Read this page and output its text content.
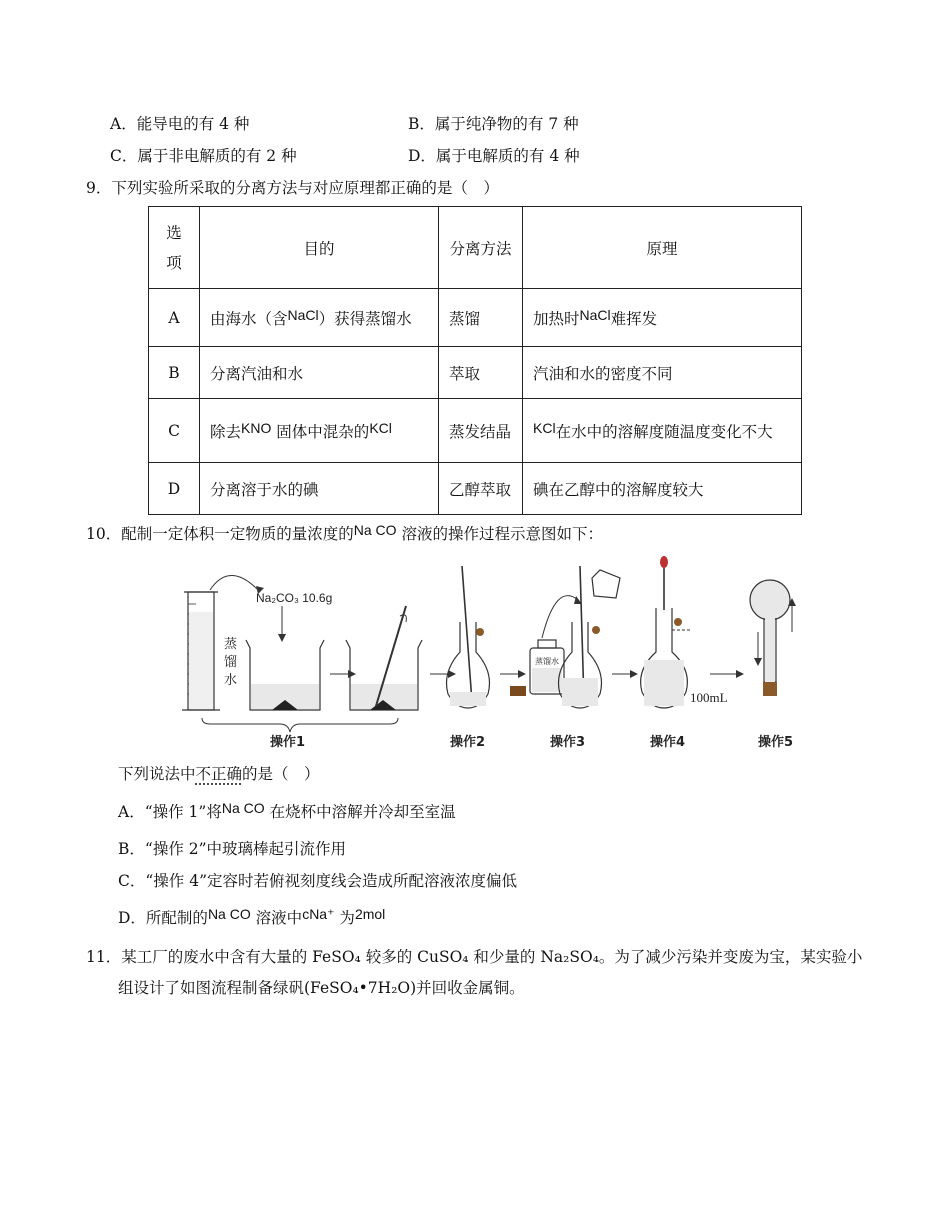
A．能导电的有 4 种	B．属于纯净物的有 7 种
C．属于非电解质的有 2 种	D．属于电解质的有 4 种
9．下列实验所采取的分离方法与对应原理都正确的是（　）
选
项	目的	分离方法	原理
A	由海水（含NaCl）获得蒸馏水	蒸馏	加热时NaCl难挥发
B	分离汽油和水	萃取	汽油和水的密度不同
C	除去KNO 固体中混杂的KCl	蒸发结晶	KCl在水中的溶解度随温度变化不大
D	分离溶于水的碘	乙醇萃取	碘在乙醇中的溶解度较大
10．配制一定体积一定物质的量浓度的Na CO 溶液的操作过程示意图如下：
蒸
馏
水
Na₂CO₃ 10.6g
蒸馏水
100mL
操作1	操作2	操作3	操作4	操作5
下列说法中不正确的是（　）
A．“操作 1”将Na CO 在烧杯中溶解并冷却至室温
B．“操作 2”中玻璃棒起引流作用
C．“操作 4”定容时若俯视刻度线会造成所配溶液浓度偏低
D．所配制的Na CO 溶液中cNa⁺ 为2mol
11．某工厂的废水中含有大量的 FeSO₄ 较多的 CuSO₄ 和少量的 Na₂SO₄。为了减少污染并变废为宝，某实验小
组设计了如图流程制备绿矾(FeSO₄•7H₂O)并回收金属铜。
